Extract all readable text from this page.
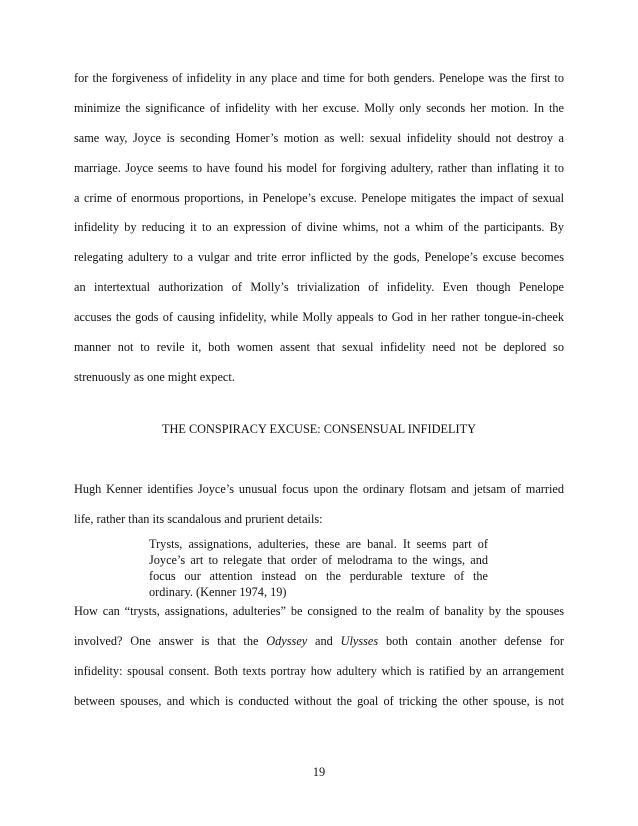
for the forgiveness of infidelity in any place and time for both genders. Penelope was the first to
minimize the significance of infidelity with her excuse. Molly only seconds her motion. In the
same way, Joyce is seconding Homer’s motion as well: sexual infidelity should not destroy a
marriage. Joyce seems to have found his model for forgiving adultery, rather than inflating it to
a crime of enormous proportions, in Penelope’s excuse. Penelope mitigates the impact of sexual
infidelity by reducing it to an expression of divine whims, not a whim of the participants. By
relegating adultery to a vulgar and trite error inflicted by the gods, Penelope’s excuse becomes
an intertextual authorization of Molly’s trivialization of infidelity. Even though Penelope
accuses the gods of causing infidelity, while Molly appeals to God in her rather tongue-in-cheek
manner not to revile it, both women assent that sexual infidelity need not be deplored so
strenuously as one might expect.

THE CONSPIRACY EXCUSE: CONSENSUAL INFIDELITY

Hugh Kenner identifies Joyce’s unusual focus upon the ordinary flotsam and jetsam of married
life, rather than its scandalous and prurient details:
Trysts, assignations, adulteries, these are banal. It seems part of
Joyce’s art to relegate that order of melodrama to the wings, and
focus our attention instead on the perdurable texture of the
ordinary. (Kenner 1974, 19)
How can “trysts, assignations, adulteries” be consigned to the realm of banality by the spouses
involved? One answer is that the Odyssey and Ulysses both contain another defense for
infidelity: spousal consent. Both texts portray how adultery which is ratified by an arrangement
between spouses, and which is conducted without the goal of tricking the other spouse, is not

19
